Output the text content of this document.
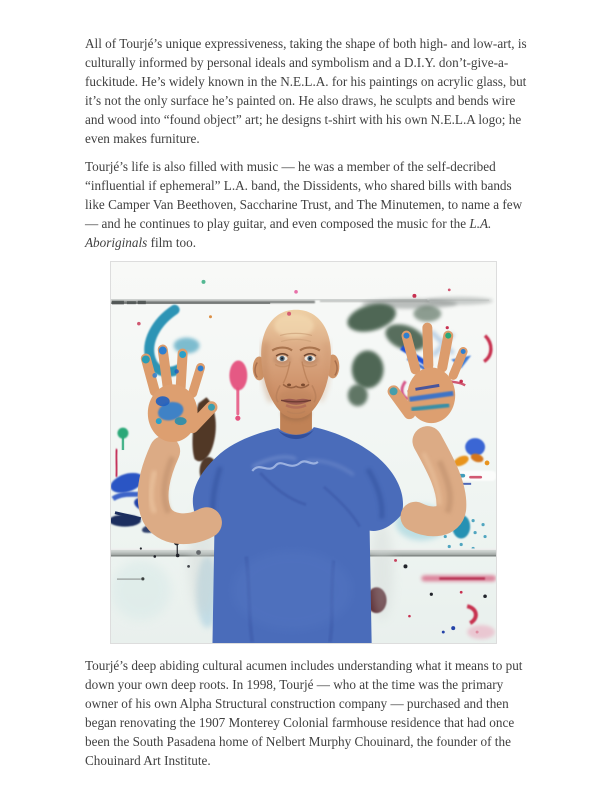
All of Tourjé’s unique expressiveness, taking the shape of both high- and low-art, is culturally informed by personal ideals and symbolism and a D.I.Y. don’t-give-a-fuckitude. He’s widely known in the N.E.L.A. for his paintings on acrylic glass, but it’s not the only surface he’s painted on. He also draws, he sculpts and bends wire and wood into “found object” art; he designs t-shirt with his own N.E.L.A logo; he even makes furniture.

Tourjé’s life is also filled with music — he was a member of the self-decribed “influential if ephemeral” L.A. band, the Dissidents, who shared bills with bands like Camper Van Beethoven, Saccharine Trust, and The Minutemen, to name a few — and he continues to play guitar, and even composed the music for the L.A. Aboriginals film too.

Tourjé’s deep abiding cultural acumen includes understanding what it means to put down your own deep roots. In 1998, Tourjé — who at the time was the primary owner of his own Alpha Structural construction company — purchased and then began renovating the 1907 Monterey Colonial farmhouse residence that had once been the South Pasadena home of Nelbert Murphy Chouinard, the founder of the Chouinard Art Institute.
